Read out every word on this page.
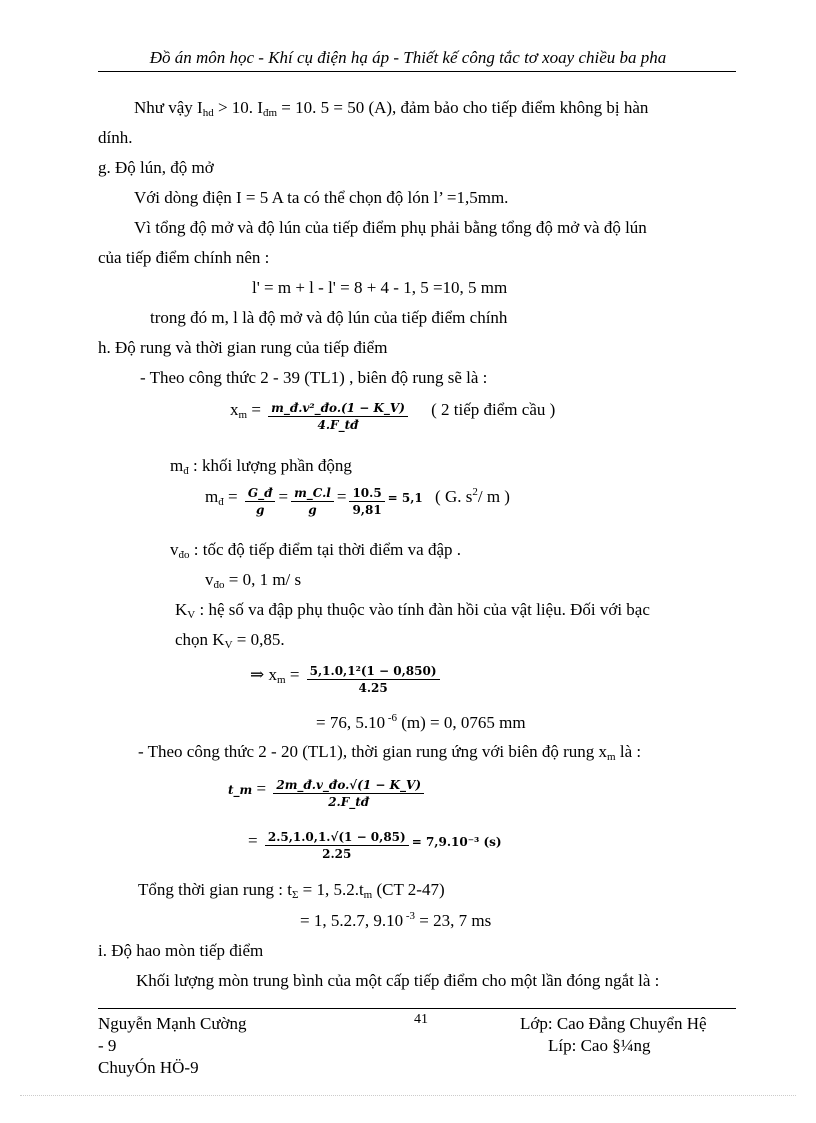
Đồ án môn học - Khí cụ điện hạ áp - Thiết kế công tắc tơ xoay chiều ba pha
Như vậy $I_{hd} > 10$. $I_{đm} = 10$. 5 = 50 (A), đảm bảo cho tiếp điểm không bị hàn
dính.
g. Độ lún, độ mở
Với dòng điện I = 5 A ta có thể chọn độ lón l’ =1,5mm.
Vì tổng độ mở và độ lún của tiếp điểm phụ phải bằng tổng độ mở và độ lún
của tiếp điểm chính nên :
l' = m + l - l' = 8 + 4 - 1, 5 =10, 5 mm
trong đó m, l là độ mở và độ lún của tiếp điểm chính
h. Độ rung và thời gian rung của tiếp điểm
- Theo công thức 2 - 39 (TL1) , biên độ rung sẽ là :
$x_m = \frac{\text{m\_đ.v²\_đo.(1 − K\_V)}}{4.F\_tđ}$ ( 2 tiếp điểm cầu )
$m_đ$ : khối lượng phần động
$m_đ = \frac{G\_đ}{g} = \frac{m\_C.l}{g} = \frac{10.5}{9,81} = 5,1$ ( G. $s^2/$ m )
$v_{đo}$ : tốc độ tiếp điểm tại thời điểm va đập .
$v_{đo} = 0$, 1 m/ s
$K_V$ : hệ số va đập phụ thuộc vào tính đàn hồi của vật liệu. Đối với bạc
chọn $K_V = 0,85$.
⇒ $x_m = \frac{\text{5,1.0,1²(1 − 0,850)}}{4.25}$
= 76, 5.10 $^{-6}$ (m) = 0, 0765 mm
- Theo công thức 2 - 20 (TL1), thời gian rung ứng với biên độ rung $x_m$ là :
t_m = $\frac{2m\_đ.v\_đo.√(1 - K\_V)}{2.F\_tđ}$
= $\frac{2.5,1.0,1.√(1 - 0,85)}{2.25} = 7,9.10^{-3}$ (s)
Tổng thời gian rung : $t_\Sigma = 1$, $5.2.t_m$ (CT 2-47)
= 1, 5.2.7, 9.10 $^{-3}$ = 23, 7 ms
i. Độ hao mòn tiếp điểm
Khối lượng mòn trung bình của một cấp tiếp điểm cho một lần đóng ngắt là :
Nguyễn Mạnh Cường
- 9
ChuyÓn HÖ-9
41	Lớp: Cao Đẳng Chuyển Hệ
Líp: Cao §¼ng
